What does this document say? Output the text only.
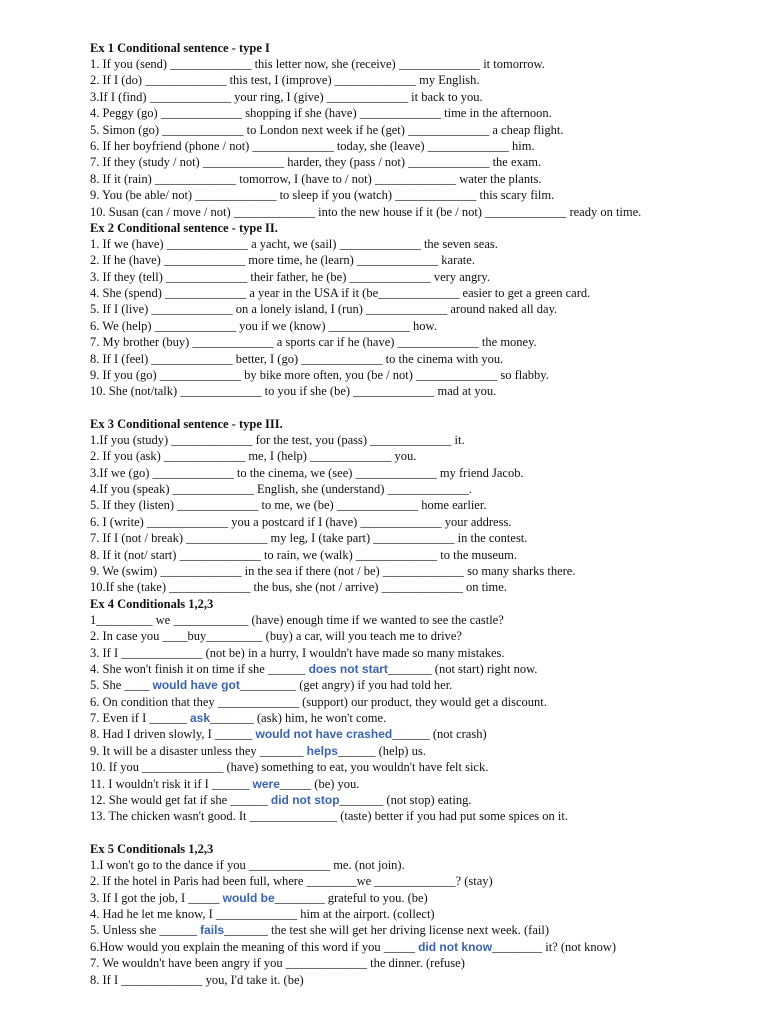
Ex 1 Conditional sentence - type I
1. If you (send) _____________ this letter now, she (receive) _____________ it tomorrow.
2. If I (do) _____________ this test, I (improve) _____________ my English.
3.If I (find) _____________ your ring, I (give) _____________ it back to you.
4. Peggy (go) _____________ shopping if she (have) _____________ time in the afternoon.
5. Simon (go) _____________ to London next week if he (get) _____________ a cheap flight.
6. If her boyfriend (phone / not) _____________ today, she (leave) _____________ him.
7. If they (study / not) _____________ harder, they (pass / not) _____________ the exam.
8. If it (rain) _____________ tomorrow, I (have to / not) _____________ water the plants.
9. You (be able/ not) _____________ to sleep if you (watch) _____________ this scary film.
10. Susan (can / move / not) _____________ into the new house if it (be / not) _____________ ready on time.
Ex 2 Conditional sentence - type II.
1. If we (have) _____________ a yacht, we (sail) _____________ the seven seas.
2. If he (have) _____________ more time, he (learn) _____________ karate.
3. If they (tell) _____________ their father, he (be) _____________ very angry.
4. She (spend) _____________ a year in the USA if it (be_____________ easier to get a green card.
5. If I (live) _____________ on a lonely island, I (run) _____________ around naked all day.
6. We (help) _____________ you if we (know) _____________ how.
7. My brother (buy) _____________ a sports car if he (have) _____________ the money.
8. If I (feel) _____________ better, I (go) _____________ to the cinema with you.
9. If you (go) _____________ by bike more often, you (be / not) _____________ so flabby.
10. She (not/talk) _____________ to you if she (be) _____________ mad at you.
Ex 3 Conditional sentence - type III.
1.If you (study) _____________ for the test, you (pass) _____________ it.
2. If you (ask) _____________ me, I (help) _____________ you.
3.If we (go) _____________ to the cinema, we (see) _____________ my friend Jacob.
4.If you (speak) _____________ English, she (understand) _____________.
5. If they (listen) _____________ to me, we (be) _____________ home earlier.
6. I (write) _____________ you a postcard if I (have) _____________ your address.
7. If I (not / break) _____________ my leg, I (take part) _____________ in the contest.
8. If it (not/ start) _____________ to rain, we (walk) _____________ to the museum.
9. We (swim) _____________ in the sea if there (not / be) _____________ so many sharks there.
10.If she (take) _____________ the bus, she (not / arrive) _____________ on time.
Ex 4 Conditionals 1,2,3
1_________ we ____________ (have) enough time if we wanted to see the castle?
2. In case you ____buy_________ (buy) a car, will you teach me to drive?
3. If I _____________ (not be) in a hurry, I wouldn't have made so many mistakes.
4. She won't finish it on time if she ______ does not start_______ (not start) right now.
5. She ____ would have got_________ (get angry) if you had told her.
6. On condition that they _____________ (support) our product, they would get a discount.
7. Even if I ______ ask_______ (ask) him, he won't come.
8. Had I driven slowly, I ______ would not have crashed______ (not crash)
9. It will be a disaster unless they _______ helps______ (help) us.
10. If you _____________ (have) something to eat, you wouldn't have felt sick.
11. I wouldn't risk it if I ______ were_____ (be) you.
12. She would get fat if she ______ did not stop_______ (not stop) eating.
13. The chicken wasn't good. It ______________ (taste) better if you had put some spices on it.
Ex 5 Conditionals 1,2,3
1.I won't go to the dance if you _____________ me. (not join).
2. If the hotel in Paris had been full, where ________we _____________? (stay)
3. If I got the job, I _____ would be________ grateful to you. (be)
4. Had he let me know, I _____________ him at the airport. (collect)
5. Unless she ______ fails_______ the test she will get her driving license next week. (fail)
6.How would you explain the meaning of this word if you _____ did not know________ it? (not know)
7. We wouldn't have been angry if you _____________ the dinner. (refuse)
8. If I _____________ you, I'd take it. (be)
